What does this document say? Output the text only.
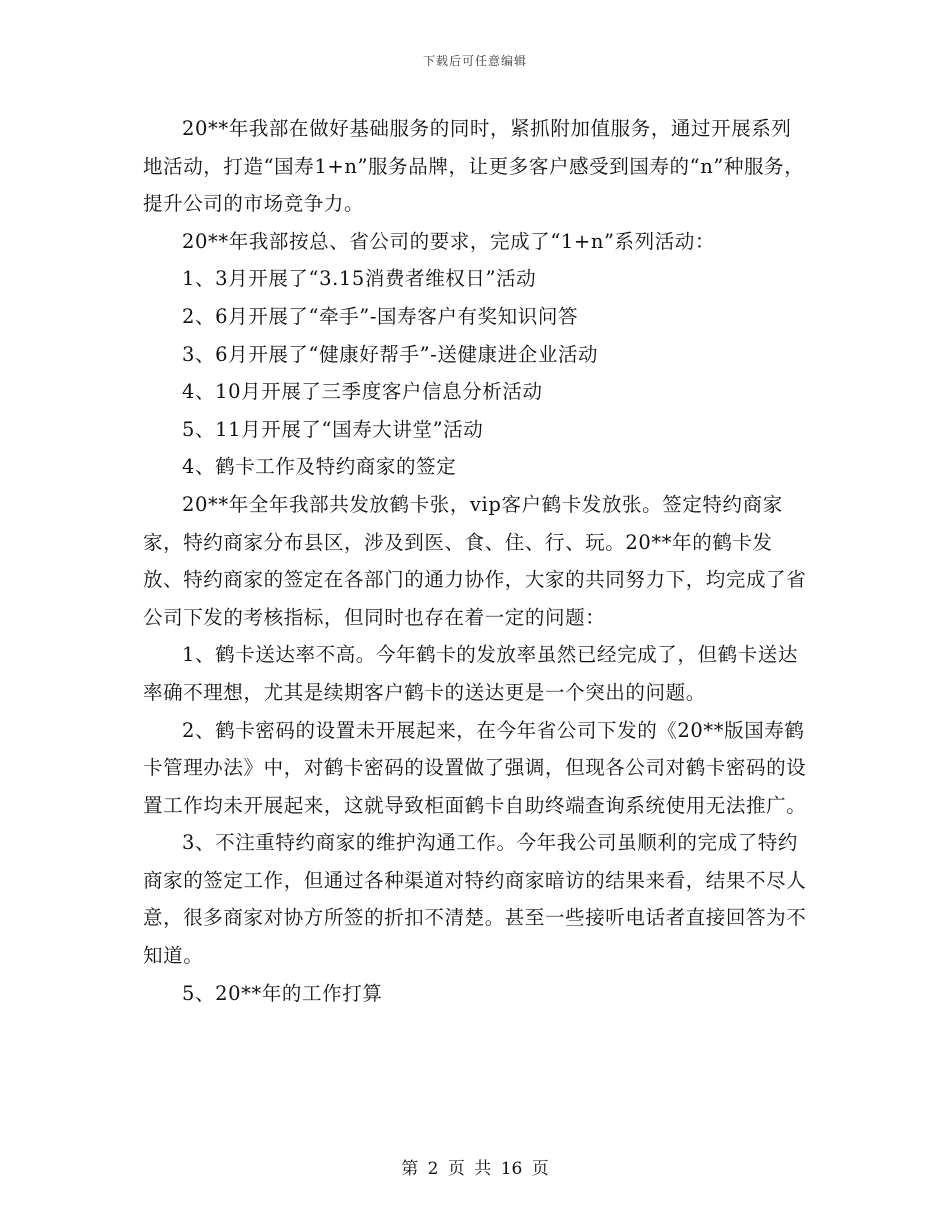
下载后可任意编辑

20**年我部在做好基础服务的同时，紧抓附加值服务，通过开展系列地活动，打造“国寿1+n”服务品牌，让更多客户感受到国寿的“n”种服务，提升公司的市场竞争力。

20**年我部按总、省公司的要求，完成了“1+n”系列活动：

1、3月开展了“3.15消费者维权日”活动

2、6月开展了“牵手”-国寿客户有奖知识问答

3、6月开展了“健康好帮手”-送健康进企业活动

4、10月开展了三季度客户信息分析活动

5、11月开展了“国寿大讲堂”活动

4、鹤卡工作及特约商家的签定

20**年全年我部共发放鹤卡张，vip客户鹤卡发放张。签定特约商家家，特约商家分布县区，涉及到医、食、住、行、玩。20**年的鹤卡发放、特约商家的签定在各部门的通力协作，大家的共同努力下，均完成了省公司下发的考核指标，但同时也存在着一定的问题：

1、鹤卡送达率不高。今年鹤卡的发放率虽然已经完成了，但鹤卡送达率确不理想，尤其是续期客户鹤卡的送达更是一个突出的问题。

2、鹤卡密码的设置未开展起来，在今年省公司下发的《20**版国寿鹤卡管理办法》中，对鹤卡密码的设置做了强调，但现各公司对鹤卡密码的设置工作均未开展起来，这就导致柜面鹤卡自助终端查询系统使用无法推广。

3、不注重特约商家的维护沟通工作。今年我公司虽顺利的完成了特约商家的签定工作，但通过各种渠道对特约商家暗访的结果来看，结果不尽人意，很多商家对协方所签的折扣不清楚。甚至一些接听电话者直接回答为不知道。

5、20**年的工作打算

第 2 页 共 16 页
